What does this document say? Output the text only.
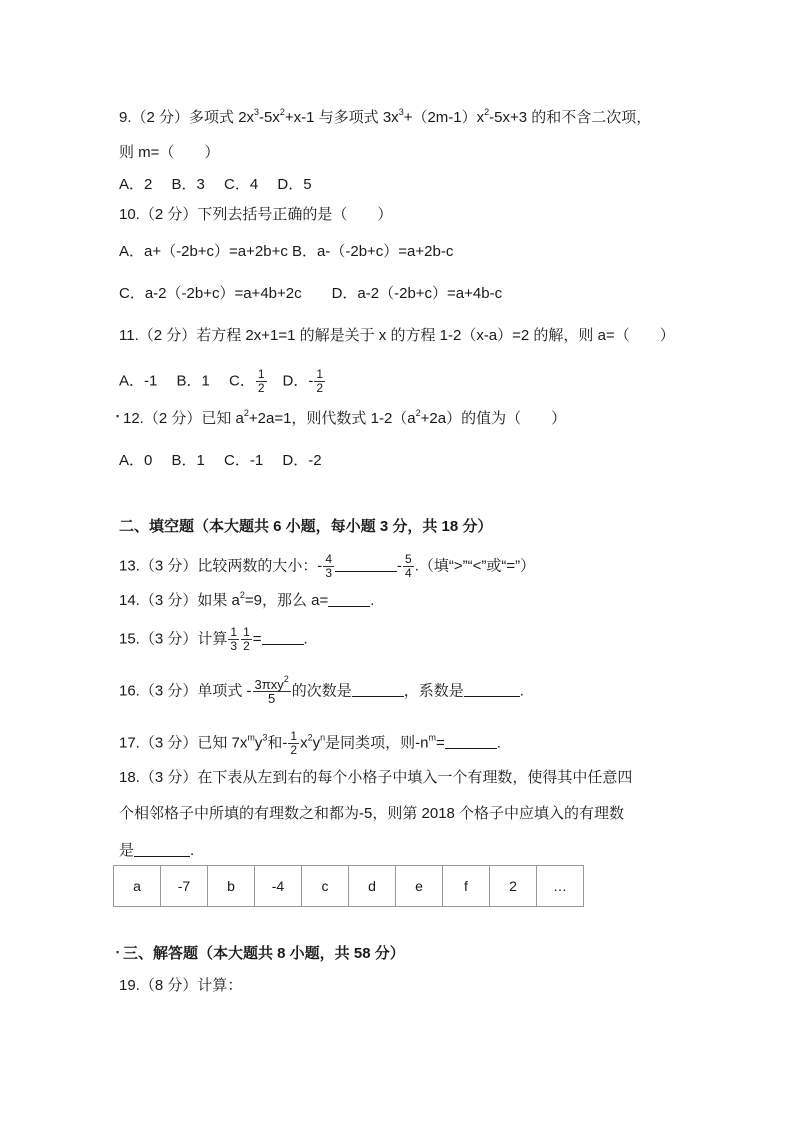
9.（2 分）多项式 $2x^3-5x^2+x-1$ 与多项式 $3x^3+(2m-1)x^2-5x+3$ 的和不含二次项，
则 m=（　　）
A．2　 B．3　 C．4　 D．5
10.（2 分）下列去括号正确的是（　　）
A．a+（-2b+c）=a+2b+c B．a-（-2b+c）=a+2b-c
C．a-2（-2b+c）=a+4b+2c　　D．a-2（-2b+c）=a+4b-c
11.（2 分）若方程 2x+1=1 的解是关于 x 的方程 1-2（x-a）=2 的解，则 a=（　　）
A．-1　 B．1　 C． $\frac{1}{2}$ 　D．- $\frac{1}{2}$
▪ 12.（2 分）已知 $a^2+2a=1$，则代数式 $1-2(a^2+2a)$的值为（　　）
A．0　 B．1　 C．-1　 D．-2
二、填空题（本大题共 6 小题，每小题 3 分，共 18 分）
13.（3 分）比较两数的大小：- $\frac{4}{3}$	- $\frac{5}{4}$ .（填“>”“<”或“=”）
14.（3 分）如果 $a^2=9$，那么 a=	.
15.（3 分）计算 $\frac{1}{3} \frac{1}{2}$ =	.
16.（3 分）单项式 - $\frac{3\pi xy^2}{5}$ 的次数是	，系数是	.
17.（3 分）已知 $7x^my^3$和- $\frac{1}{2} x^2y^n$是同类项，则$-n^m=$	.
18.（3 分）在下表从左到右的每个小格子中填入一个有理数，使得其中任意四
个相邻格子中所填的有理数之和都为-5，则第 2018 个格子中应填入的有理数
是	.
a	-7	b	-4	c	d	e	f	2	…
▪ 三、解答题（本大题共 8 小题，共 58 分）
19.（8 分）计算：
